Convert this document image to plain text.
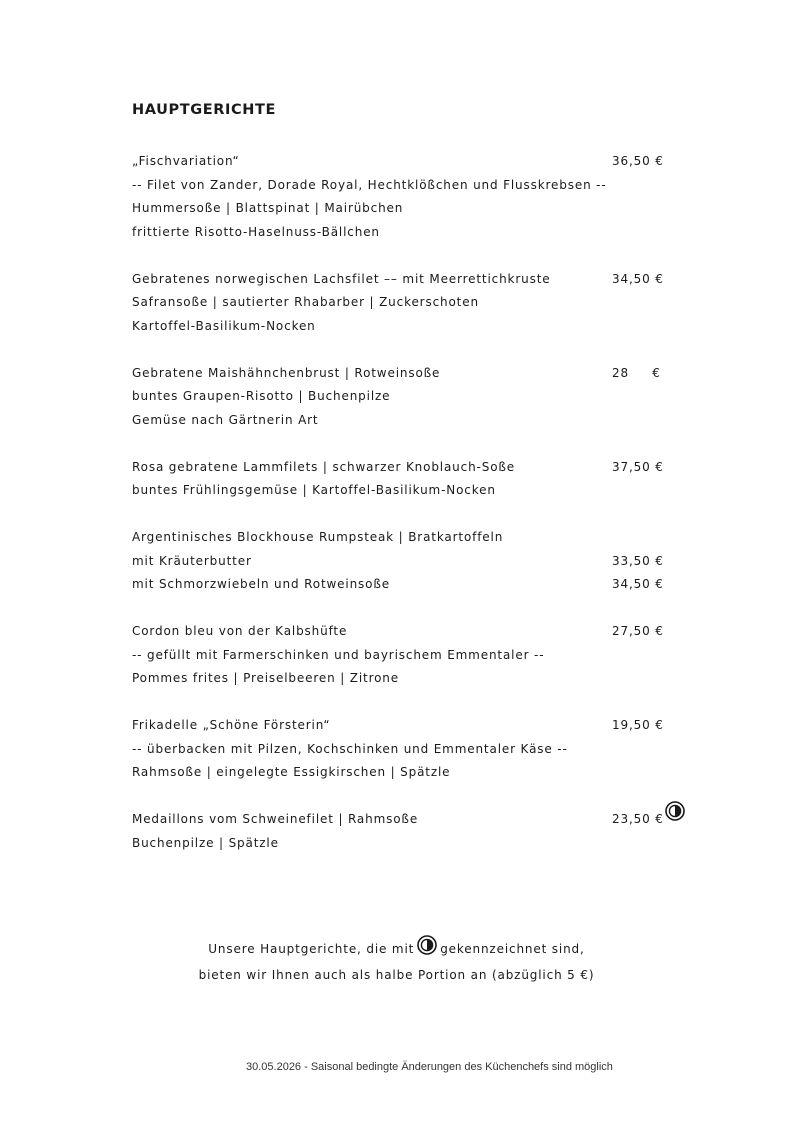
HAUPTGERICHTE
„Fischvariation“	36,50 €
-- Filet von Zander, Dorade Royal, Hechtklößchen und Flusskrebsen --
Hummersoße | Blattspinat | Mairübchen
frittierte Risotto-Haselnuss-Bällchen
Gebratenes norwegischen Lachsfilet –– mit Meerrettichkruste	34,50 €
Safransoße | sautierter Rhabarber | Zuckerschoten
Kartoffel-Basilikum-Nocken
Gebratene Maishähnchenbrust | Rotweinsoße	28     €
buntes Graupen-Risotto | Buchenpilze
Gemüse nach Gärtnerin Art
Rosa gebratene Lammfilets | schwarzer Knoblauch-Soße	37,50 €
buntes Frühlingsgemüse | Kartoffel-Basilikum-Nocken
Argentinisches Blockhouse Rumpsteak | Bratkartoffeln
mit Kräuterbutter	33,50 €
mit Schmorzwiebeln und Rotweinsoße	34,50 €
Cordon bleu von der Kalbshüfte	27,50 €
-- gefüllt mit Farmerschinken und bayrischem Emmentaler --
Pommes frites | Preiselbeeren | Zitrone
Frikadelle „Schöne Försterin“	19,50 €
-- überbacken mit Pilzen, Kochschinken und Emmentaler Käse --
Rahmsoße | eingelegte Essigkirschen | Spätzle
Medaillons vom Schweinefilet | Rahmsoße	23,50 €
Buchenpilze | Spätzle
Unsere Hauptgerichte, die mit gekennzeichnet sind,
bieten wir Ihnen auch als halbe Portion an (abzüglich 5 €)
30.05.2026 - Saisonal bedingte Änderungen des Küchenchefs sind möglich
